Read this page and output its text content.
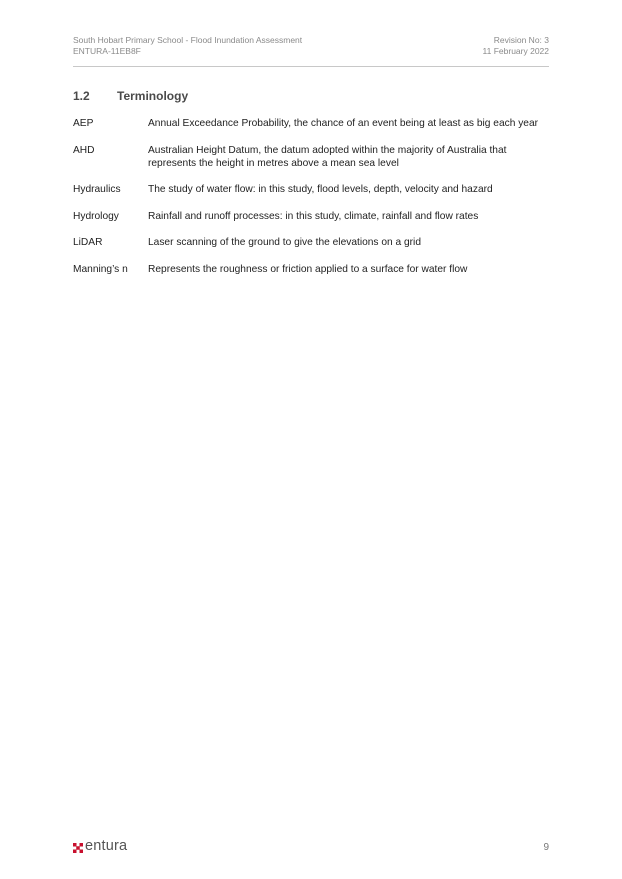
South Hobart Primary School - Flood Inundation Assessment	Revision No: 3
ENTURA-11EB8F	11 February 2022
1.2	Terminology
AEP	Annual Exceedance Probability, the chance of an event being at least as big each year
AHD	Australian Height Datum, the datum adopted within the majority of Australia that represents the height in metres above a mean sea level
Hydraulics	The study of water flow: in this study, flood levels, depth, velocity and hazard
Hydrology	Rainfall and runoff processes: in this study, climate, rainfall and flow rates
LiDAR	Laser scanning of the ground to give the elevations on a grid
Manning’s n	Represents the roughness or friction applied to a surface for water flow
entura	9
